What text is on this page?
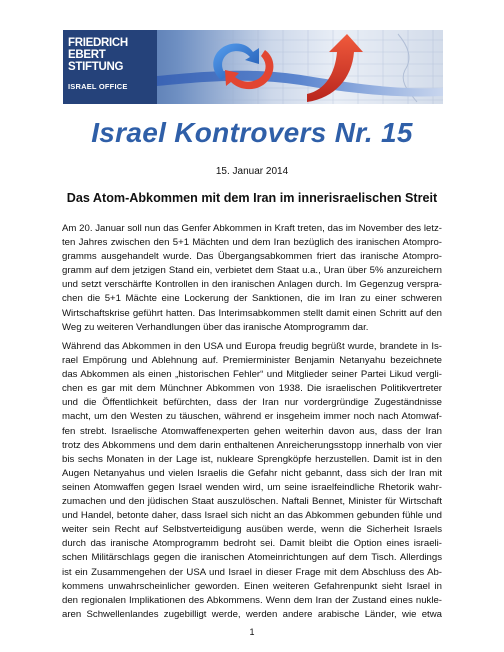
FRIEDRICH
EBERT
STIFTUNG
ISRAEL OFFICE
Israel Kontrovers Nr. 15
15. Januar 2014
Das Atom-Abkommen mit dem Iran im innerisraelischen Streit
Am 20. Januar soll nun das Genfer Abkommen in Kraft treten, das im November des letz-
ten Jahres zwischen den 5+1 Mächten und dem Iran bezüglich des iranischen Atompro-
gramms ausgehandelt wurde. Das Übergangsabkommen friert das iranische Atompro-
gramm auf dem jetzigen Stand ein, verbietet dem Staat u.a., Uran über 5% anzureichern
und setzt verschärfte Kontrollen in den iranischen Anlagen durch. Im Gegenzug verspra-
chen die 5+1 Mächte eine Lockerung der Sanktionen, die im Iran zu einer schweren
Wirtschaftskrise geführt hatten. Das Interimsabkommen stellt damit einen Schritt auf den
Weg zu weiteren Verhandlungen über das iranische Atomprogramm dar.
Während das Abkommen in den USA und Europa freudig begrüßt wurde, brandete in Is-
rael Empörung und Ablehnung auf. Premierminister Benjamin Netanyahu bezeichnete
das Abkommen als einen „historischen Fehler“ und Mitglieder seiner Partei Likud vergli-
chen es gar mit dem Münchner Abkommen von 1938. Die israelischen Politikvertreter
und die Öffentlichkeit befürchten, dass der Iran nur vordergründige Zugeständnisse
macht, um den Westen zu täuschen, während er insgeheim immer noch nach Atomwaf-
fen strebt. Israelische Atomwaffenexperten gehen weiterhin davon aus, dass der Iran
trotz des Abkommens und dem darin enthaltenen Anreicherungsstopp innerhalb von vier
bis sechs Monaten in der Lage ist, nukleare Sprengköpfe herzustellen. Damit ist in den
Augen Netanyahus und vielen Israelis die Gefahr nicht gebannt, dass sich der Iran mit
seinen Atomwaffen gegen Israel wenden wird, um seine israelfeindliche Rhetorik wahr-
zumachen und den jüdischen Staat auszulöschen. Naftali Bennet, Minister für Wirtschaft
und Handel, betonte daher, dass Israel sich nicht an das Abkommen gebunden fühle und
weiter sein Recht auf Selbstverteidigung ausüben werde, wenn die Sicherheit Israels
durch das iranische Atomprogramm bedroht sei. Damit bleibt die Option eines israeli-
schen Militärschlags gegen die iranischen Atomeinrichtungen auf dem Tisch. Allerdings
ist ein Zusammengehen der USA und Israel in dieser Frage mit dem Abschluss des Ab-
kommens unwahrscheinlicher geworden. Einen weiteren Gefahrenpunkt sieht Israel in
den regionalen Implikationen des Abkommens. Wenn dem Iran der Zustand eines nukle-
aren Schwellenlandes zugebilligt werde, werden andere arabische Länder, wie etwa
1
